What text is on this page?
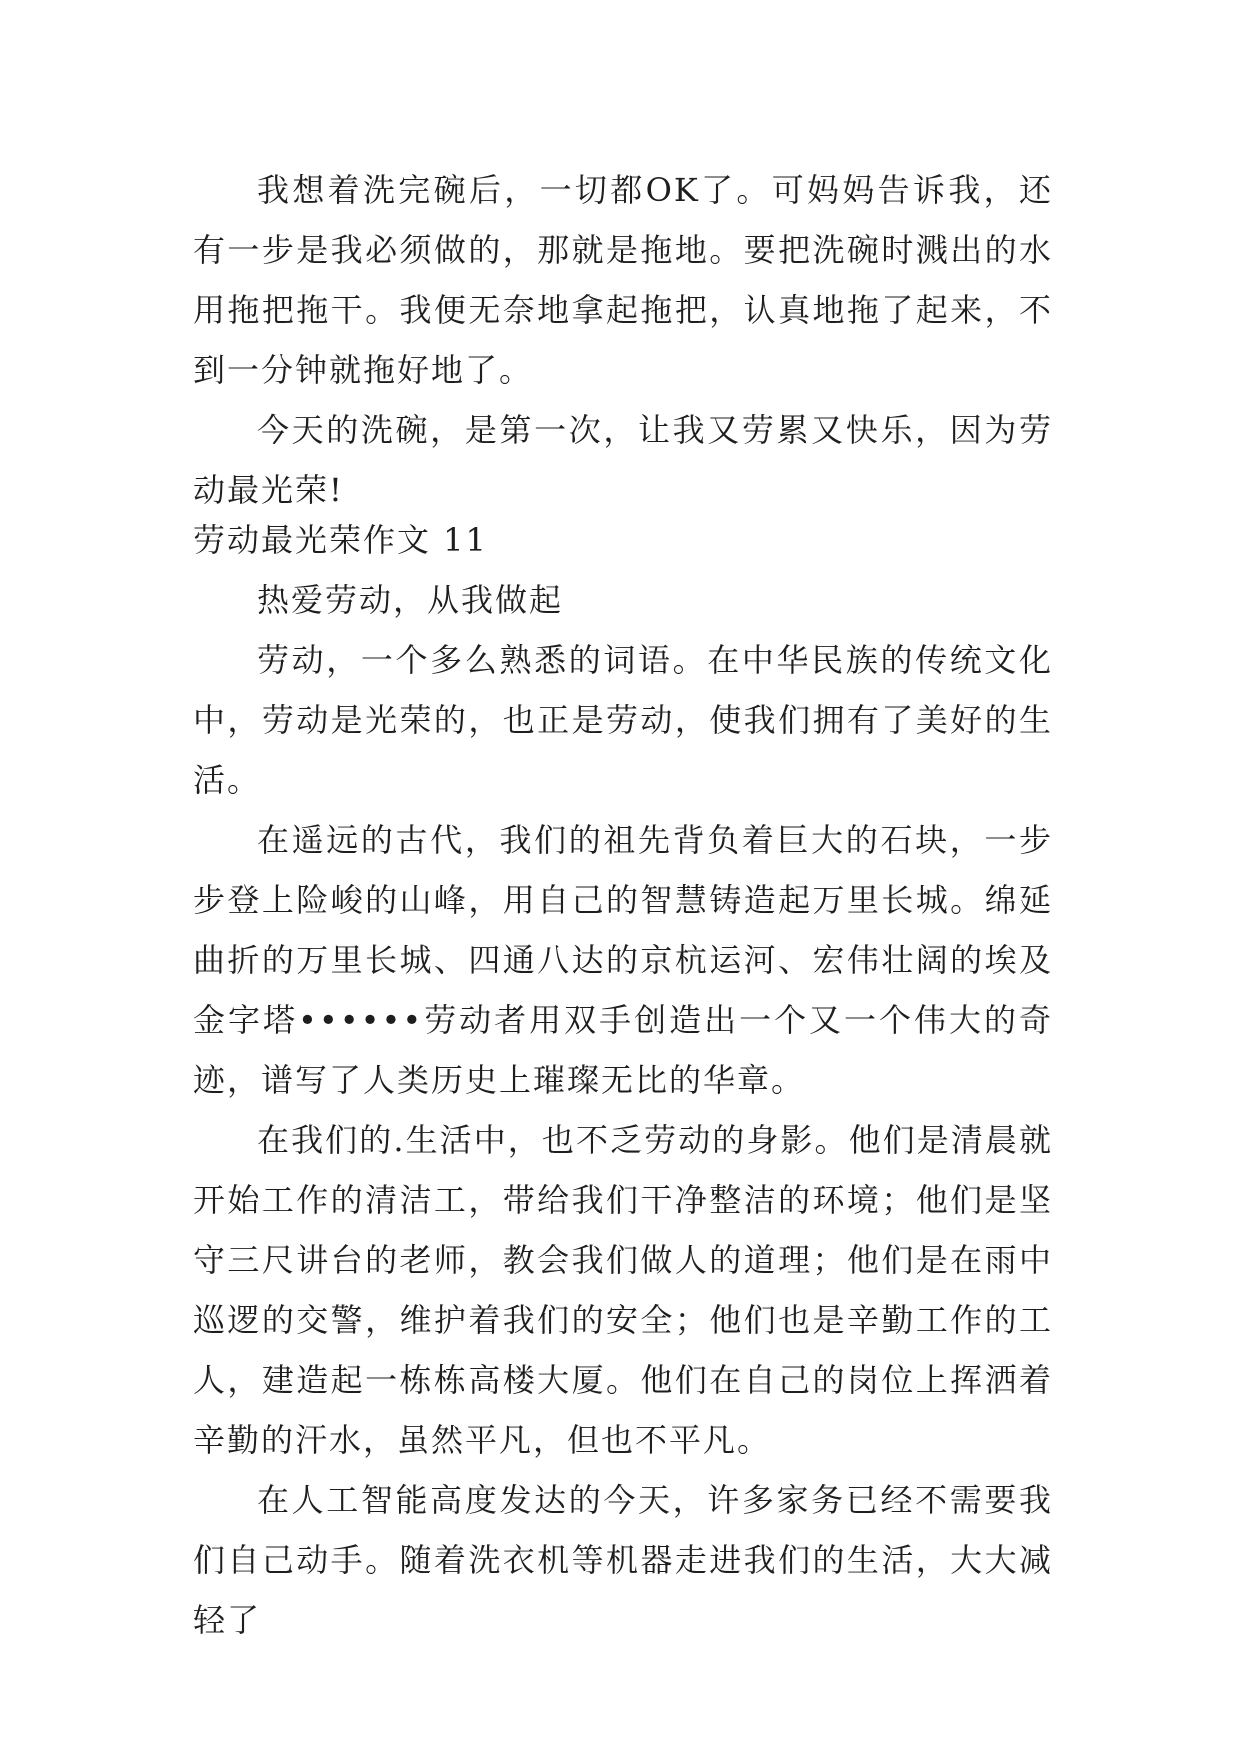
我想着洗完碗后，一切都OK了。可妈妈告诉我，还有一步是我必须做的，那就是拖地。要把洗碗时溅出的水用拖把拖干。我便无奈地拿起拖把，认真地拖了起来，不到一分钟就拖好地了。

今天的洗碗，是第一次，让我又劳累又快乐，因为劳动最光荣!

劳动最光荣作文 11

热爱劳动，从我做起

劳动，一个多么熟悉的词语。在中华民族的传统文化中，劳动是光荣的，也正是劳动，使我们拥有了美好的生活。

在遥远的古代，我们的祖先背负着巨大的石块，一步步登上险峻的山峰，用自己的智慧铸造起万里长城。绵延曲折的万里长城、四通八达的京杭运河、宏伟壮阔的埃及金字塔••••••劳动者用双手创造出一个又一个伟大的奇迹，谱写了人类历史上璀璨无比的华章。

在我们的.生活中，也不乏劳动的身影。他们是清晨就开始工作的清洁工，带给我们干净整洁的环境；他们是坚守三尺讲台的老师，教会我们做人的道理；他们是在雨中巡逻的交警，维护着我们的安全；他们也是辛勤工作的工人，建造起一栋栋高楼大厦。他们在自己的岗位上挥洒着辛勤的汗水，虽然平凡，但也不平凡。

在人工智能高度发达的今天，许多家务已经不需要我们自己动手。随着洗衣机等机器走进我们的生活，大大减轻了
